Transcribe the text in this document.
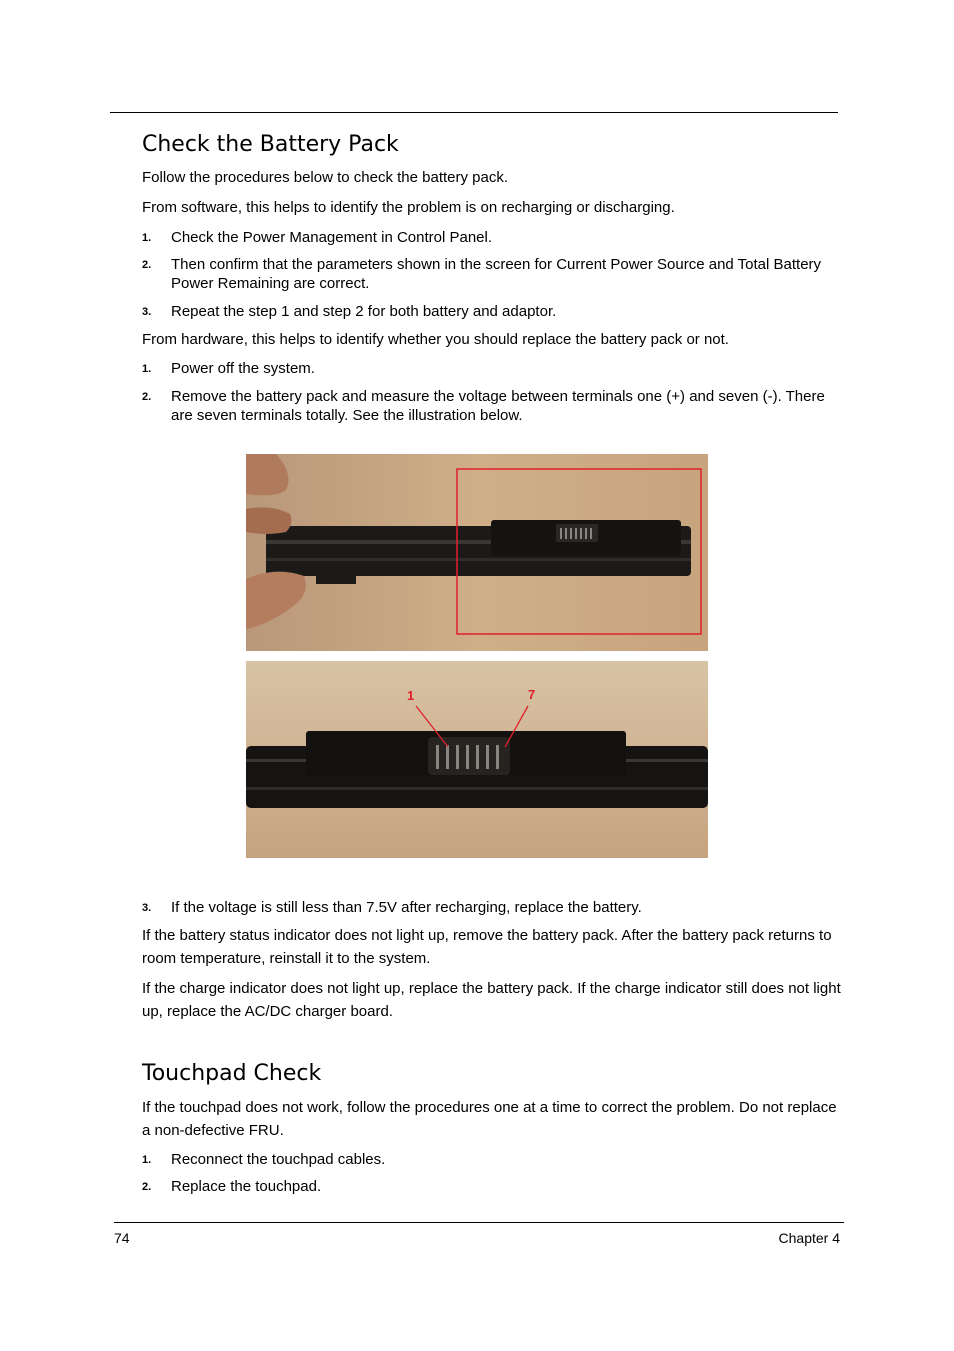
Check the Battery Pack

Follow the procedures below to check the battery pack.

From software, this helps to identify the problem is on recharging or discharging.

1.	Check the Power Management in Control Panel.
2.	Then confirm that the parameters shown in the screen for Current Power Source and Total Battery Power Remaining are correct.
3.	Repeat the step 1 and step 2 for both battery and adaptor.

From hardware, this helps to identify whether you should replace the battery pack or not.

1.	Power off the system.
2.	Remove the battery pack and measure the voltage between terminals one (+) and seven (-). There are seven terminals totally. See the illustration below.
1	7
3.	If the voltage is still less than 7.5V after recharging, replace the battery.

If the battery status indicator does not light up, remove the battery pack. After the battery pack returns to room temperature, reinstall it to the system.

If the charge indicator does not light up, replace the battery pack. If the charge indicator still does not light up, replace the AC/DC charger board.

Touchpad Check

If the touchpad does not work, follow the procedures one at a time to correct the problem. Do not replace a non-defective FRU.

1.	Reconnect the touchpad cables.
2.	Replace the touchpad.
74	Chapter 4
